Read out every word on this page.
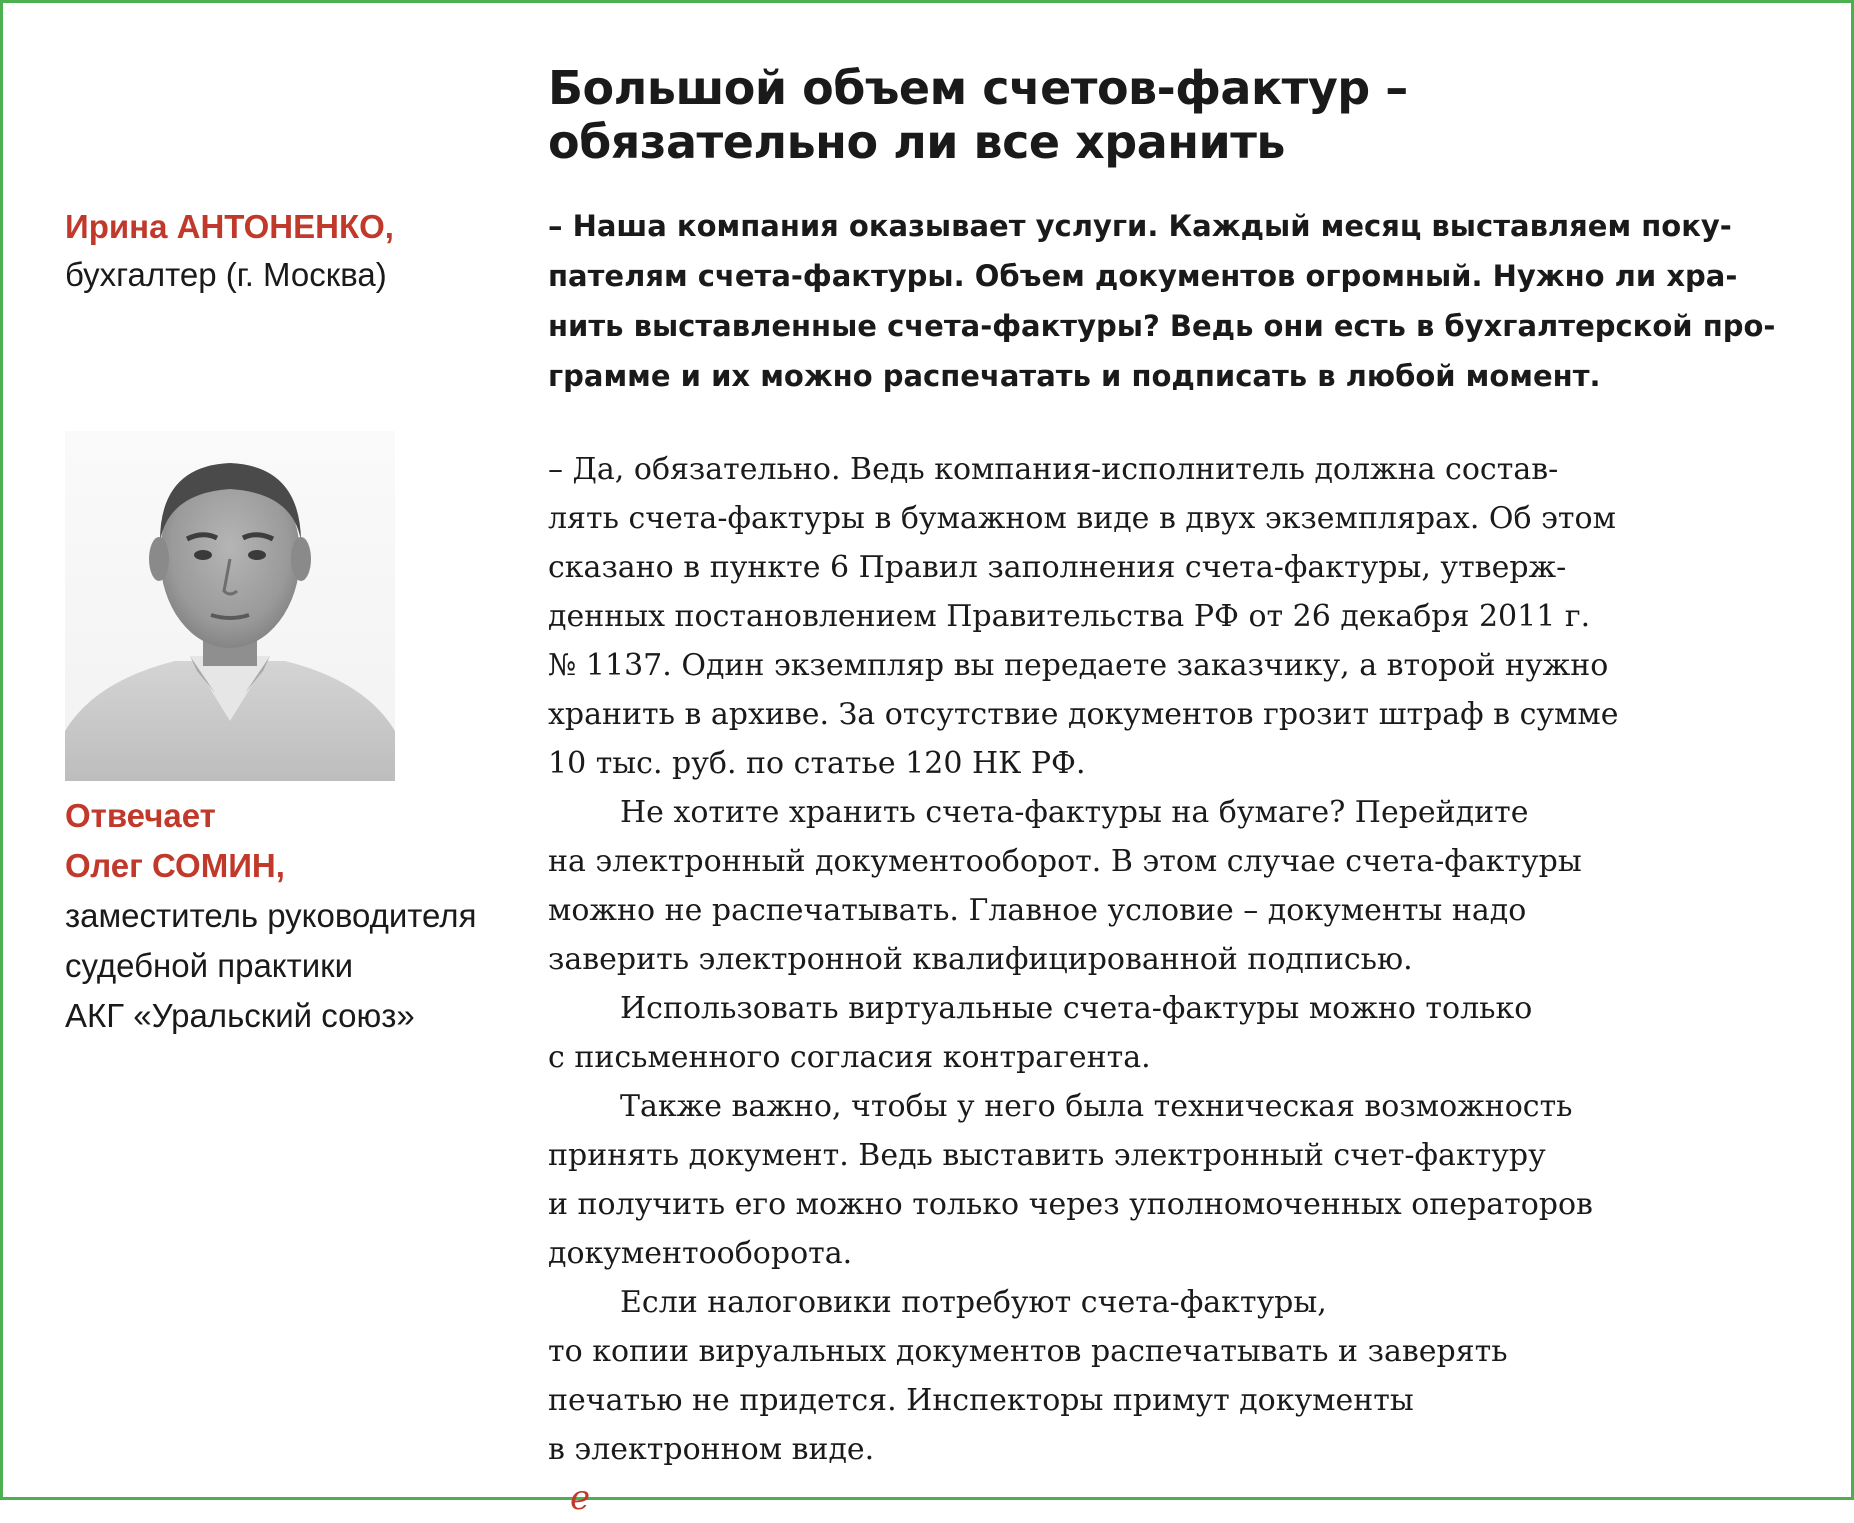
Большой объем счетов-фактур –
обязательно ли все хранить
Ирина АНТОНЕНКО,
бухгалтер (г. Москва)
Отвечает
Олег СОМИН,
заместитель руководителя
судебной практики
АКГ «Уральский союз»
– Наша компания оказывает услуги. Каждый месяц выставляем поку-
пателям счета-фактуры. Объем документов огромный. Нужно ли хра-
нить выставленные счета-фактуры? Ведь они есть в бухгалтерской про-
грамме и их можно распечатать и подписать в любой момент.
– Да, обязательно. Ведь компания-исполнитель должна состав-
лять счета-фактуры в бумажном виде в двух экземплярах. Об этом
сказано в пункте 6 Правил заполнения счета-фактуры, утверж-
денных постановлением Правительства РФ от 26 декабря 2011 г.
№ 1137. Один экземпляр вы передаете заказчику, а второй нужно
хранить в архиве. За отсутствие документов грозит штраф в сумме
10 тыс. руб. по статье 120 НК РФ.
Не хотите хранить счета-фактуры на бумаге? Перейдите
на электронный документооборот. В этом случае счета-фактуры
можно не распечатывать. Главное условие – документы надо
заверить электронной квалифицированной подписью.
Использовать виртуальные счета-фактуры можно только
с письменного согласия контрагента.
Также важно, чтобы у него была техническая возможность
принять документ. Ведь выставить электронный счет-фактуру
и получить его можно только через уполномоченных операторов
документооборота.
Если налоговики потребуют счета-фактуры,
то копии вируальных документов распечатывать и заверять
печатью не придется. Инспекторы примут документы
в электронном виде.
e
